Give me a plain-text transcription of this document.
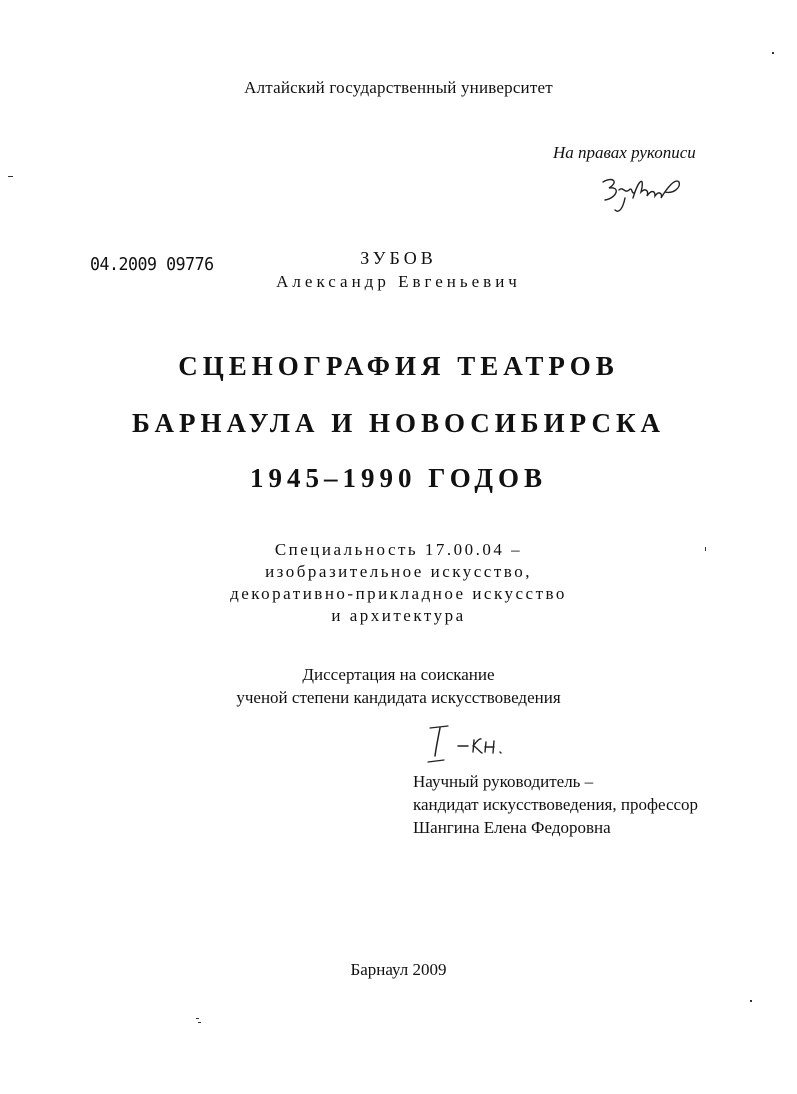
Алтайский государственный университет
На правах рукописи
04.2009 09776	ЗУБОВ
Александр Евгеньевич
СЦЕНОГРАФИЯ ТЕАТРОВ
БАРНАУЛА И НОВОСИБИРСКА
1945–1990 ГОДОВ
Специальность 17.00.04 –
изобразительное искусство,
декоративно-прикладное искусство
и архитектура
Диссертация на соискание
ученой степени кандидата искусствоведения
Научный руководитель –
кандидат искусствоведения, профессор
Шангина Елена Федоровна
Барнаул 2009
